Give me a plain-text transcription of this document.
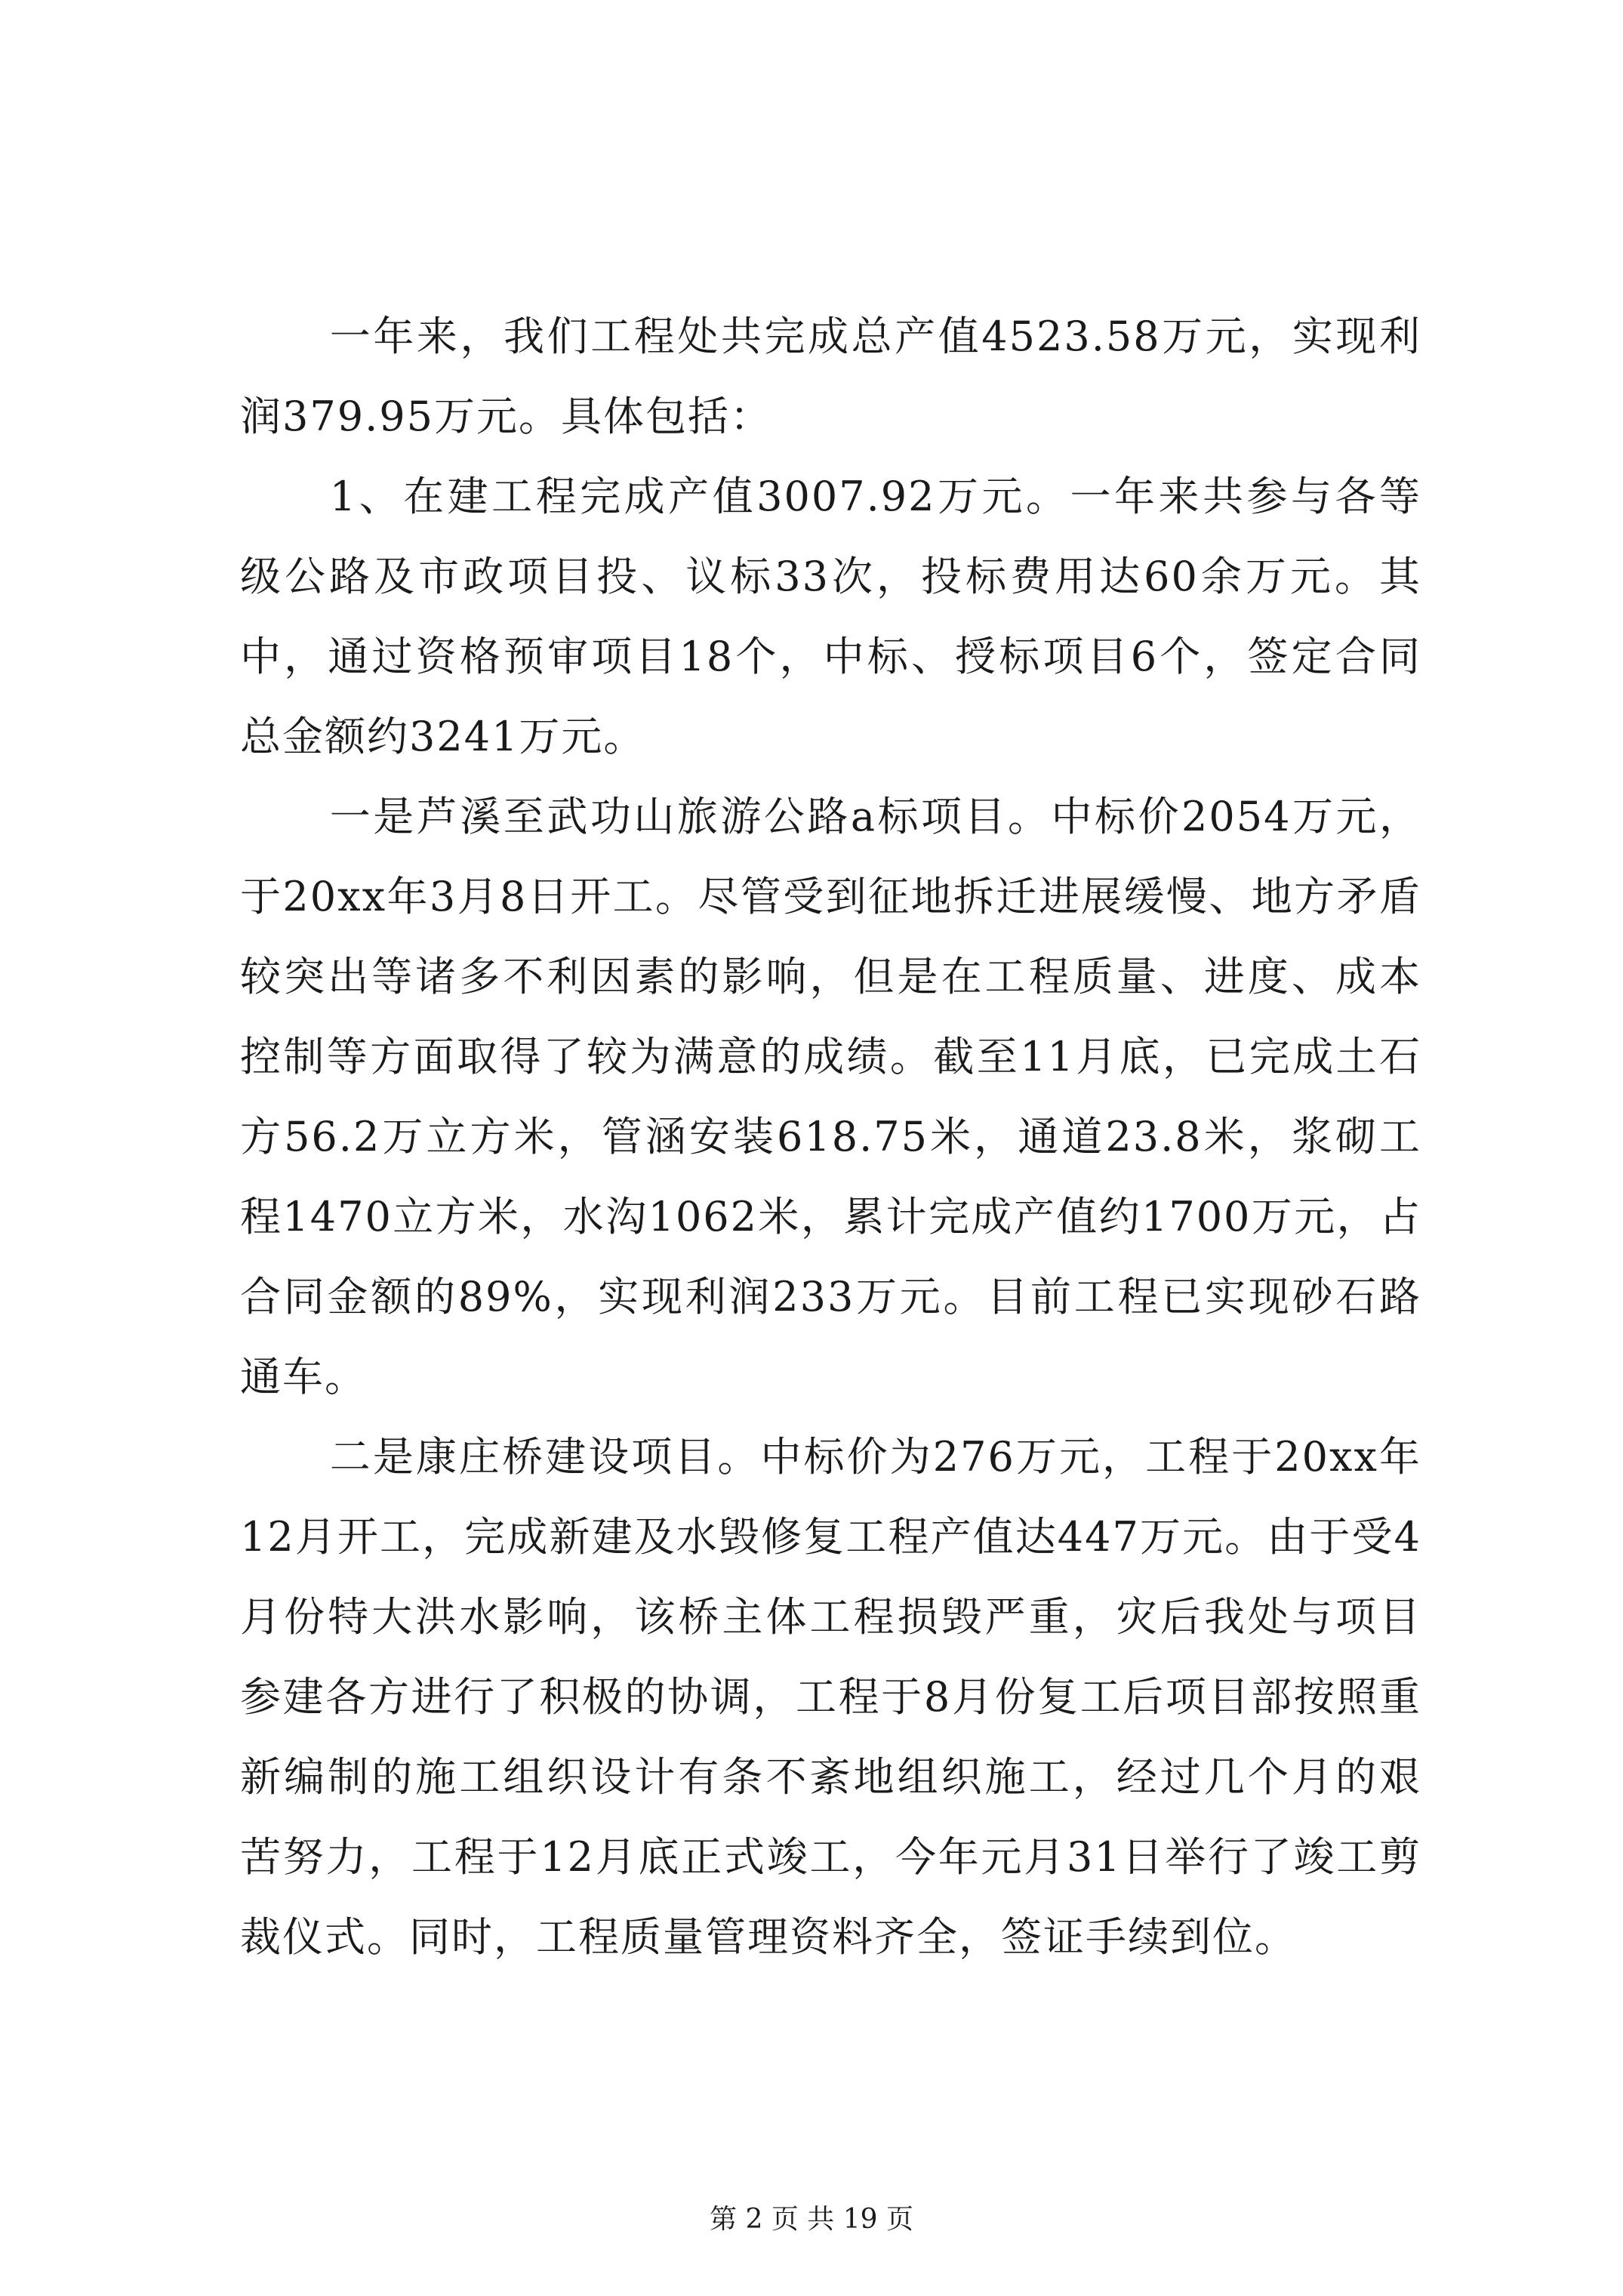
一年来，我们工程处共完成总产值4523.58万元，实现利润379.95万元。具体包括：

1、在建工程完成产值3007.92万元。一年来共参与各等级公路及市政项目投、议标33次，投标费用达60余万元。其中，通过资格预审项目18个，中标、授标项目6个，签定合同总金额约3241万元。

一是芦溪至武功山旅游公路a标项目。中标价2054万元，于20xx年3月8日开工。尽管受到征地拆迁进展缓慢、地方矛盾较突出等诸多不利因素的影响，但是在工程质量、进度、成本控制等方面取得了较为满意的成绩。截至11月底，已完成土石方56.2万立方米，管涵安装618.75米，通道23.8米，浆砌工程1470立方米，水沟1062米，累计完成产值约1700万元，占合同金额的89%，实现利润233万元。目前工程已实现砂石路通车。

二是康庄桥建设项目。中标价为276万元，工程于20xx年12月开工，完成新建及水毁修复工程产值达447万元。由于受4月份特大洪水影响，该桥主体工程损毁严重，灾后我处与项目参建各方进行了积极的协调，工程于8月份复工后项目部按照重新编制的施工组织设计有条不紊地组织施工，经过几个月的艰苦努力，工程于12月底正式竣工，今年元月31日举行了竣工剪裁仪式。同时，工程质量管理资料齐全，签证手续到位。

第 2 页 共 19 页
